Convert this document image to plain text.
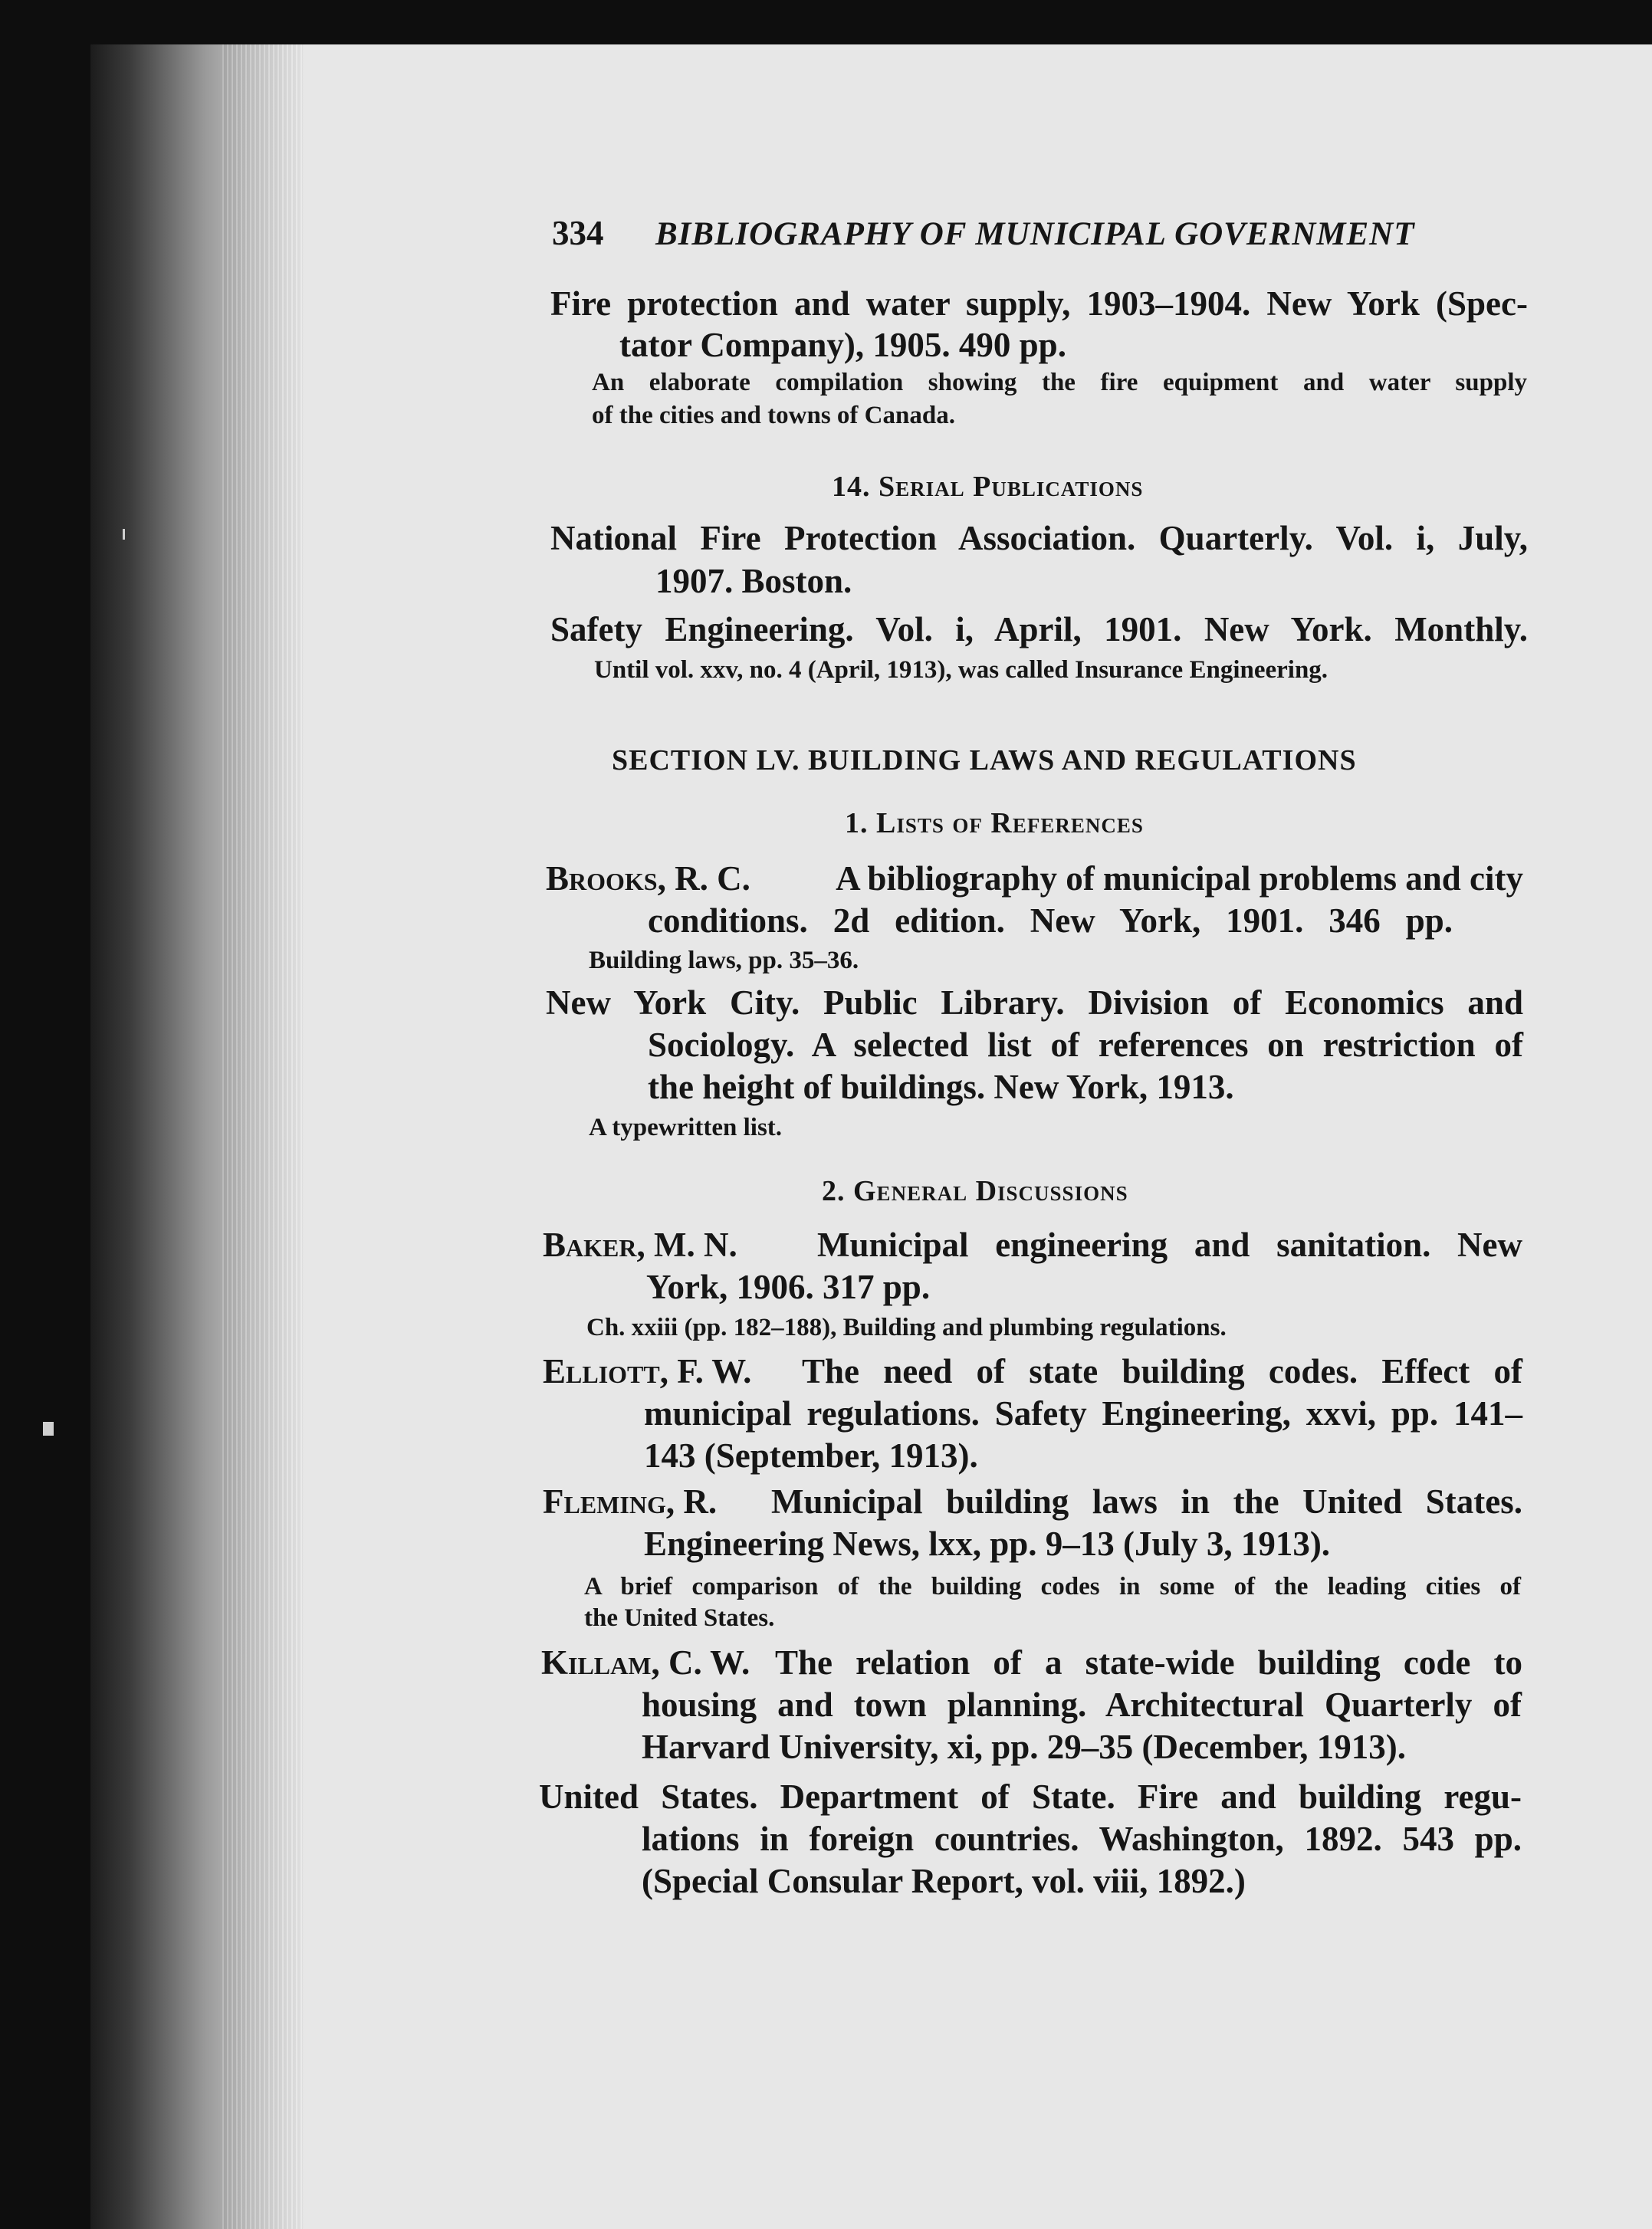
334 BIBLIOGRAPHY OF MUNICIPAL GOVERNMENT

Fire protection and water supply, 1903–1904. New York (Spec-

tator Company), 1905. 490 pp.

An elaborate compilation showing the fire equipment and water supply

of the cities and towns of Canada.

14. Serial Publications

National Fire Protection Association. Quarterly. Vol. i, July,

1907. Boston.

Safety Engineering. Vol. i, April, 1901. New York. Monthly.

Until vol. xxv, no. 4 (April, 1913), was called Insurance Engineering.

SECTION LV. BUILDING LAWS AND REGULATIONS

1. Lists of References

Brooks, R. C. A bibliography of municipal problems and city

conditions. 2d edition. New York, 1901. 346 pp.

Building laws, pp. 35–36.

New York City. Public Library. Division of Economics and

Sociology. A selected list of references on restriction of

the height of buildings. New York, 1913.

A typewritten list.

2. General Discussions

Baker, M. N. Municipal engineering and sanitation. New

York, 1906. 317 pp.

Ch. xxiii (pp. 182–188), Building and plumbing regulations.

Elliott, F. W. The need of state building codes. Effect of

municipal regulations. Safety Engineering, xxvi, pp. 141–

143 (September, 1913).

Fleming, R. Municipal building laws in the United States.

Engineering News, lxx, pp. 9–13 (July 3, 1913).

A brief comparison of the building codes in some of the leading cities of

the United States.

Killam, C. W. The relation of a state-wide building code to

housing and town planning. Architectural Quarterly of

Harvard University, xi, pp. 29–35 (December, 1913).

United States. Department of State. Fire and building regu-

lations in foreign countries. Washington, 1892. 543 pp.

(Special Consular Report, vol. viii, 1892.)
